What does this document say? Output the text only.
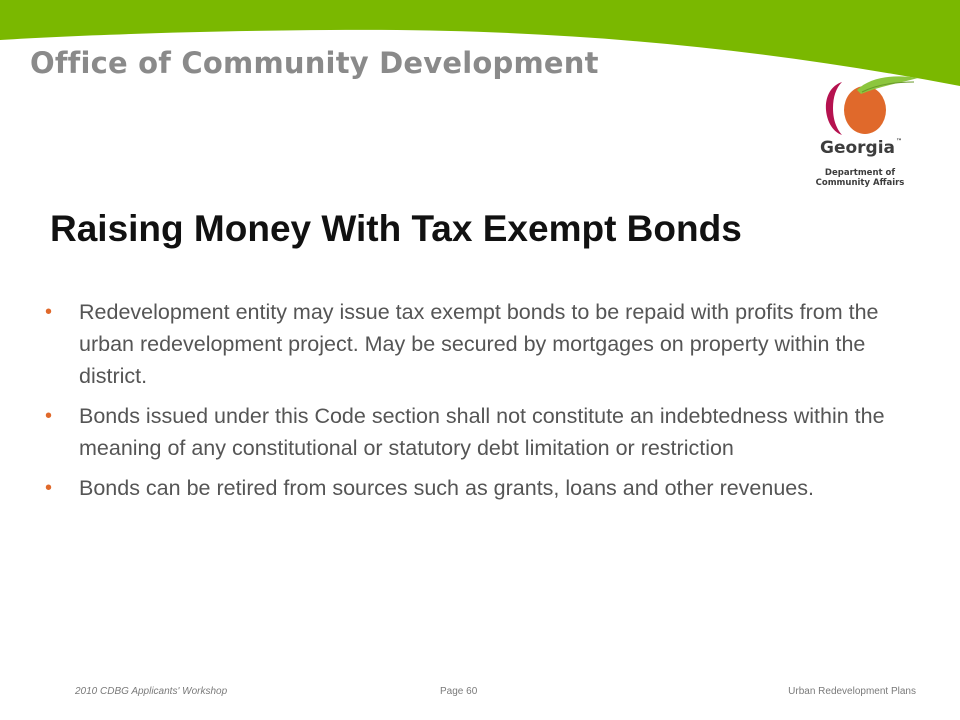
Office of Community Development
Georgia™
Department of
Community Affairs
Raising Money With Tax Exempt Bonds
• Redevelopment entity may issue tax exempt bonds to be repaid with profits from the urban redevelopment project. May be secured by mortgages on property within the district.
• Bonds issued under this Code section shall not constitute an indebtedness within the meaning of any constitutional or statutory debt limitation or restriction
• Bonds can be retired from sources such as grants, loans and other revenues.
2010 CDBG Applicants' Workshop	Page 60	Urban Redevelopment Plans
